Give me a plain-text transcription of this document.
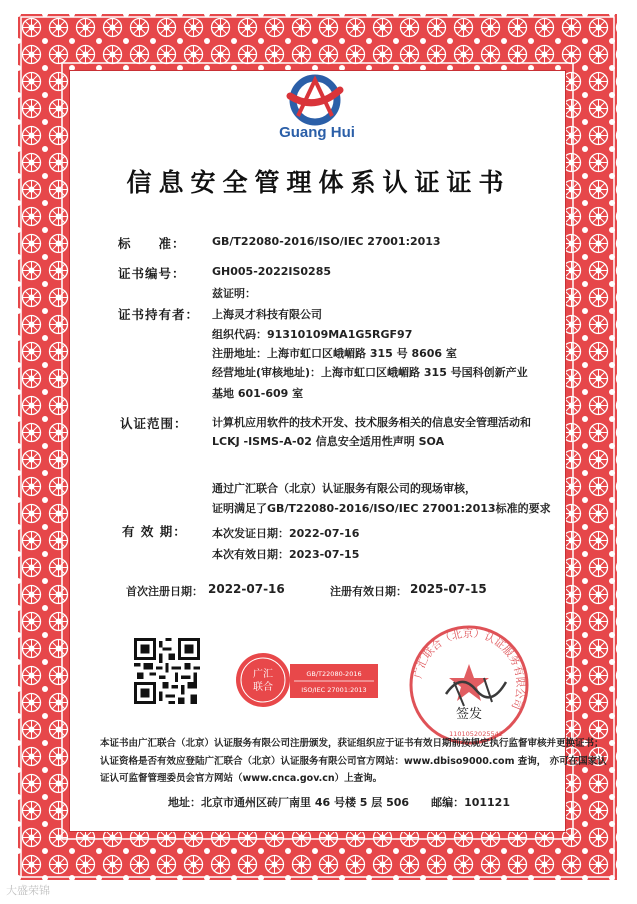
Guang Hui
信息安全管理体系认证证书
标　　准： GB/T22080-2016/ISO/IEC 27001:2013
证书编号： GH005-2022IS0285
兹证明：
证书持有者： 上海灵才科技有限公司
组织代码：91310109MA1G5RGF97
注册地址：上海市虹口区峨嵋路 315 号 8606 室
经营地址(审核地址)：上海市虹口区峨嵋路 315 号国科创新产业
基地 601-609 室
认证范围： 计算机应用软件的技术开发、技术服务相关的信息安全管理活动和
LCKJ -ISMS-A-02 信息安全适用性声明 SOA
通过广汇联合（北京）认证服务有限公司的现场审核，
证明满足了GB/T22080-2016/ISO/IEC 27001:2013标准的要求
有 效 期： 本次发证日期：2022-07-16
本次有效日期：2023-07-15
首次注册日期： 2022-07-16	注册有效日期： 2025-07-15
广汇
联合
GB/T22080-2016
ISO/IEC 27001:2013
广汇联合（北京）认证服务有限公司
签发
1101052025542
本证书由广汇联合（北京）认证服务有限公司注册颁发，获证组织应于证书有效日期前按规定执行监督审核并更换证书；
认证资格是否有效应登陆广汇联合（北京）认证服务有限公司官方网站：www.dbiso9000.com 查询， 亦可在国家认
证认可监督管理委员会官方网站（www.cnca.gov.cn）上查询。
地址：北京市通州区砖厂南里 46 号楼 5 层 506　　邮编：101121
大盛荣锦
